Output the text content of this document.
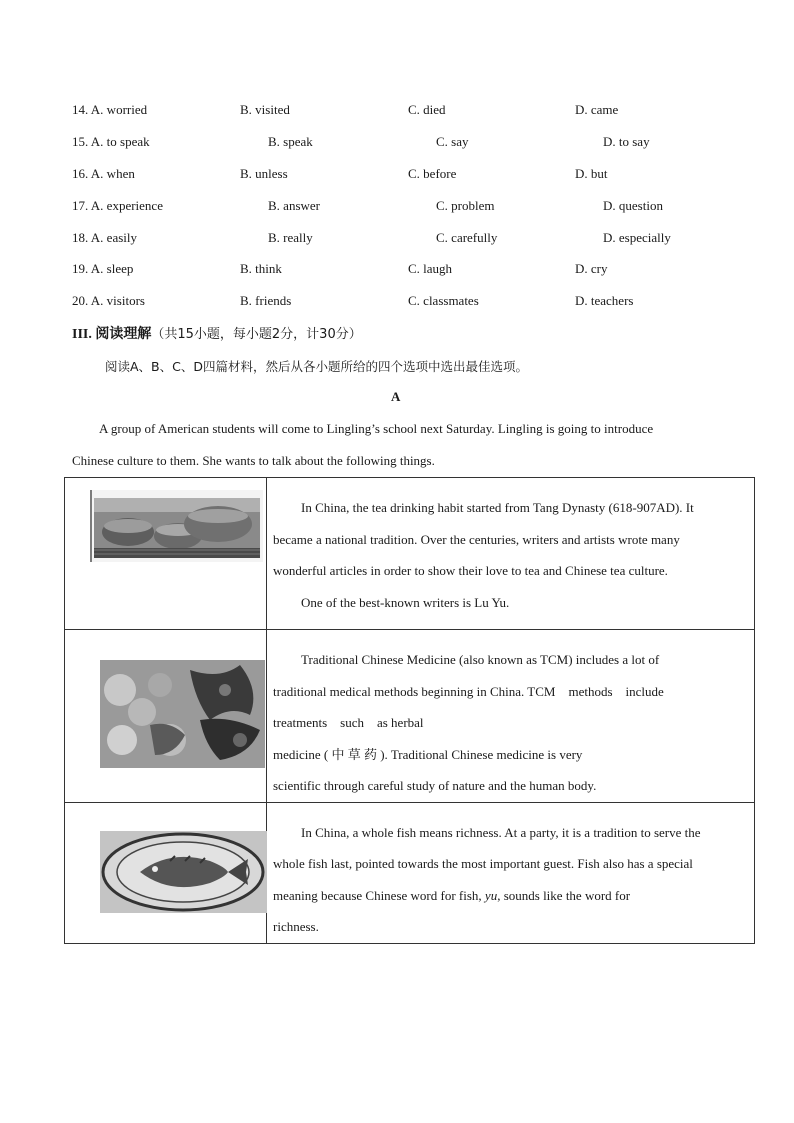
14. A. worried	B. visited	C. died	D. came
15. A. to speak	B. speak	C. say	D. to say
16. A. when	B. unless	C. before	D. but
17. A. experience	B. answer	C. problem	D. question
18. A. easily	B. really	C. carefully	D. especially
19. A. sleep	B. think	C. laugh	D. cry
20. A. visitors	B. friends	C. classmates	D. teachers
III. 阅读理解（共15小题，每小题2分，计30分）
阅读A、B、C、D四篇材料，然后从各小题所给的四个选项中选出最佳选项。
A
A group of American students will come to Lingling’s school next Saturday. Lingling is going to introduce
Chinese culture to them. She wants to talk about the following things.

In China, the tea drinking habit started from Tang Dynasty (618-907AD). It

became a national tradition. Over the centuries, writers and artists wrote many

wonderful articles in order to show their love to tea and Chinese tea culture.

One of the best-known writers is Lu Yu.

Traditional Chinese Medicine (also known as TCM) includes a lot of

traditional medical methods beginning in China. TCM    methods    include

treatments    such    as herbal

medicine ( 中 草 药 ). Traditional Chinese medicine is very

scientific through careful study of nature and the human body.

In China, a whole fish means richness. At a party, it is a tradition to serve the

whole fish last, pointed towards the most important guest. Fish also has a special

meaning because Chinese word for fish, yu, sounds like the word for

richness.
